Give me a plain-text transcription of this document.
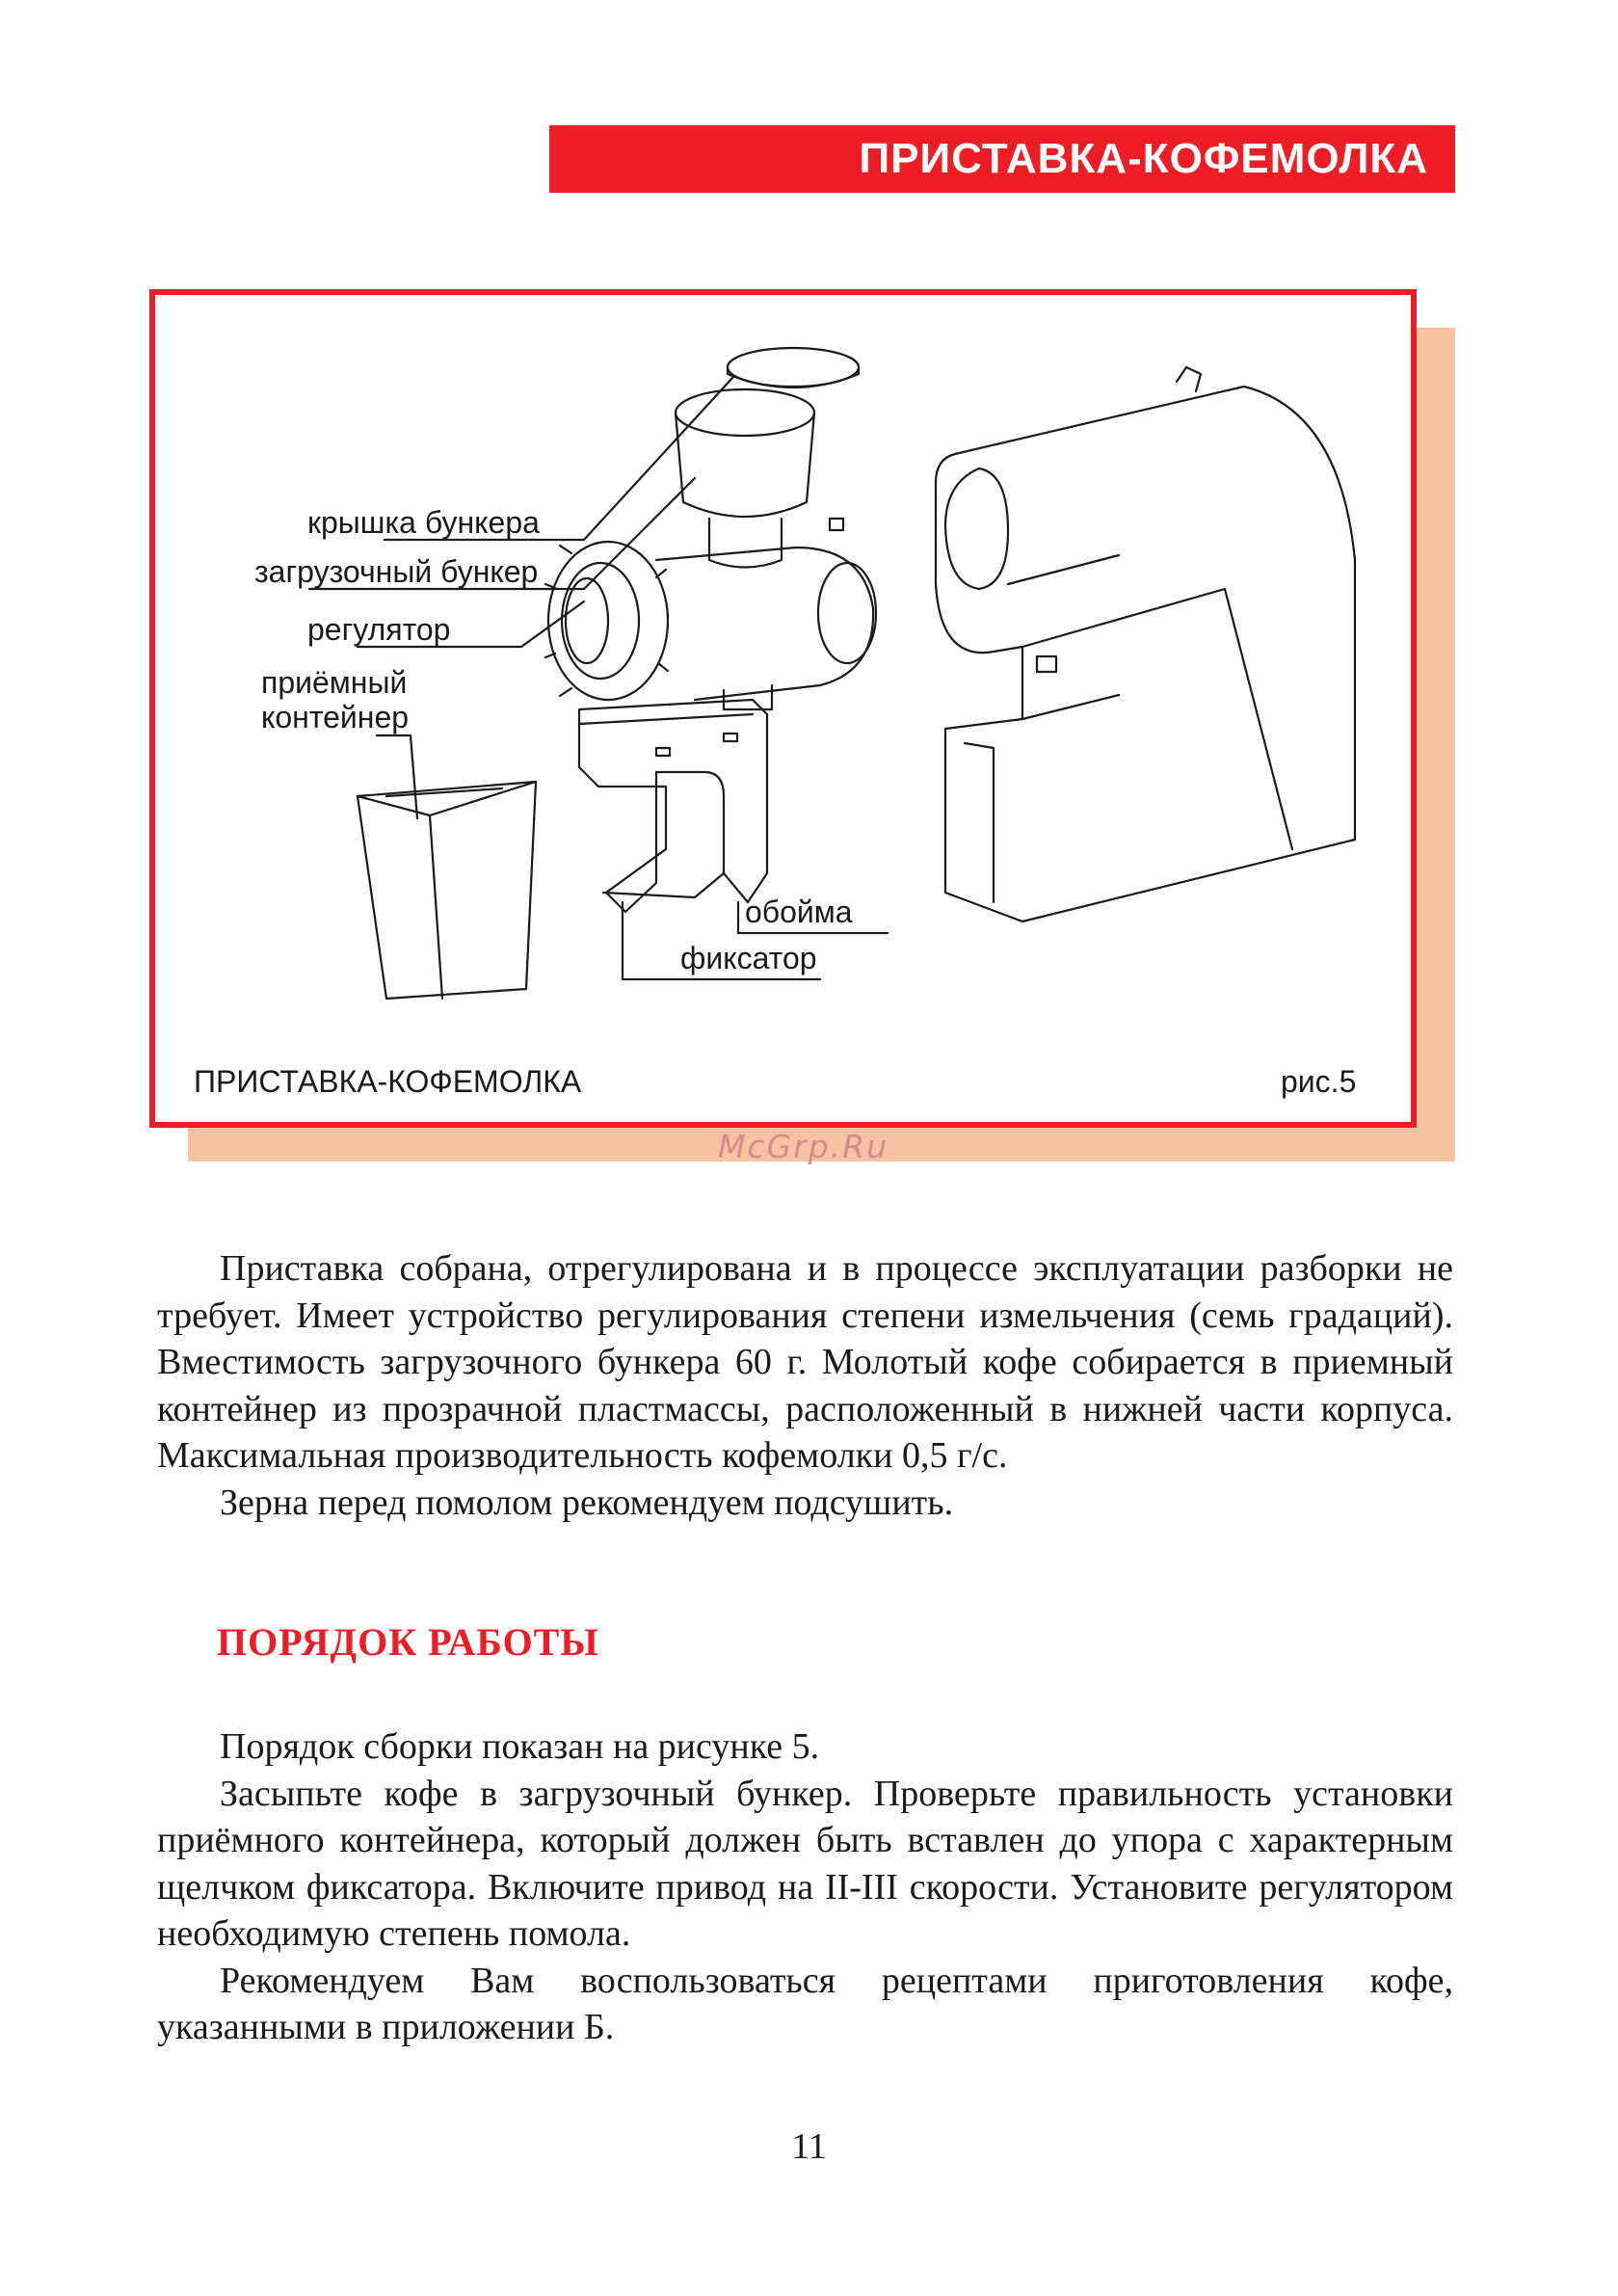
ПРИСТАВКА-КОФЕМОЛКА
крышка бункера
загрузочный бункер
регулятор
приёмный
контейнер
обойма
фиксатор
ПРИСТАВКА-КОФЕМОЛКА	рис.5
McGrp.Ru

Приставка собрана, отрегулирована и в процессе эксплуатации разборки не требует. Имеет устройство регулирования степени измельчения (семь градаций). Вместимость загрузочного бункера 60 г. Молотый кофе собирается в приемный контейнер из прозрачной пластмассы, расположенный в нижней части корпуса. Максимальная производительность кофемолки 0,5 г/с.

Зерна перед помолом рекомендуем подсушить.

ПОРЯДОК РАБОТЫ

Порядок сборки показан на рисунке 5.

Засыпьте кофе в загрузочный бункер. Проверьте правильность установки приёмного контейнера, который должен быть вставлен до упора с характерным щелчком фиксатора. Включите привод на II-III скорости. Установите регулятором необходимую степень помола.

Рекомендуем Вам воспользоваться рецептами приготовления кофе, указанными в приложении Б.

11
